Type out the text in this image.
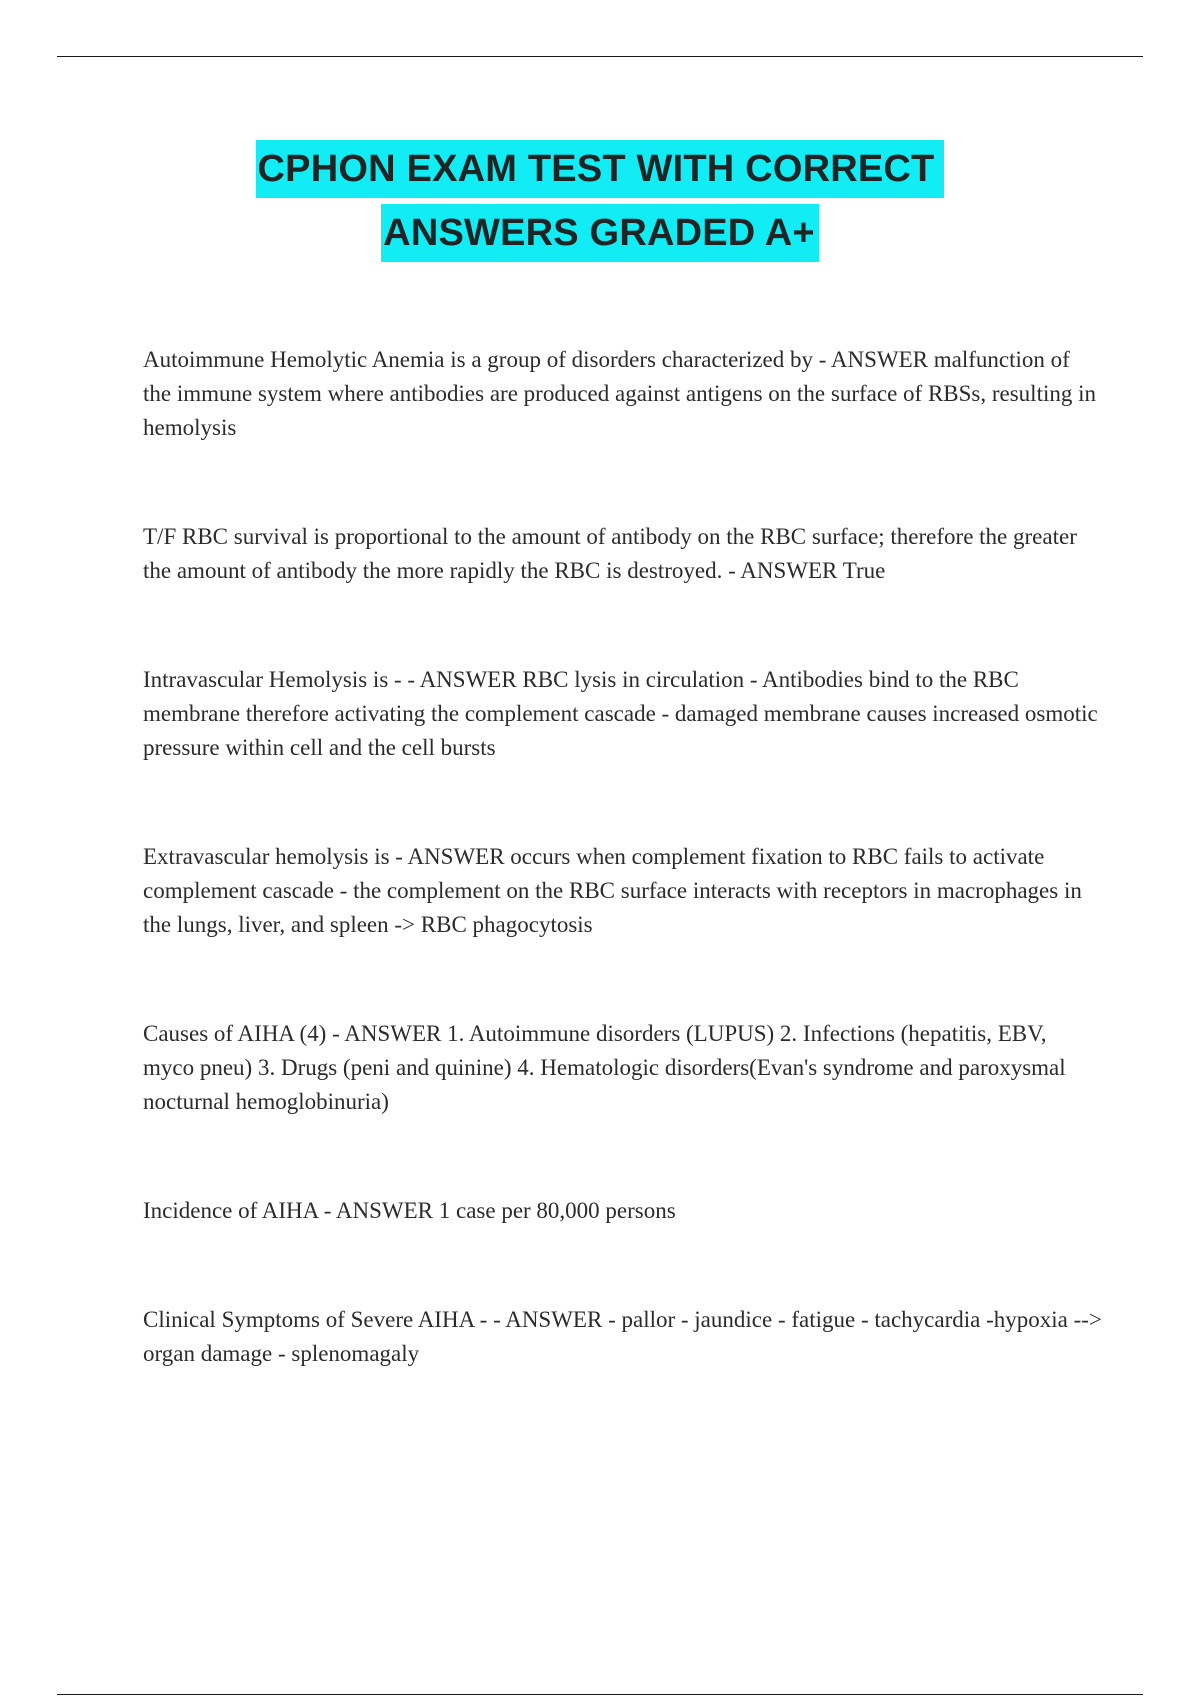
CPHON EXAM TEST WITH CORRECT
ANSWERS GRADED A+

Autoimmune Hemolytic Anemia is a group of disorders characterized by - ANSWER malfunction of the immune system where antibodies are produced against antigens on the surface of RBSs, resulting in hemolysis

T/F RBC survival is proportional to the amount of antibody on the RBC surface; therefore the greater the amount of antibody the more rapidly the RBC is destroyed. - ANSWER True

Intravascular Hemolysis is - - ANSWER RBC lysis in circulation - Antibodies bind to the RBC membrane therefore activating the complement cascade - damaged membrane causes increased osmotic pressure within cell and the cell bursts

Extravascular hemolysis is - ANSWER occurs when complement fixation to RBC fails to activate complement cascade - the complement on the RBC surface interacts with receptors in macrophages in the lungs, liver, and spleen -> RBC phagocytosis

Causes of AIHA (4) - ANSWER 1. Autoimmune disorders (LUPUS) 2. Infections (hepatitis, EBV, myco pneu) 3. Drugs (peni and quinine) 4. Hematologic disorders(Evan's syndrome and paroxysmal nocturnal hemoglobinuria)

Incidence of AIHA - ANSWER 1 case per 80,000 persons

Clinical Symptoms of Severe AIHA - - ANSWER - pallor - jaundice - fatigue - tachycardia -hypoxia --> organ damage - splenomagaly
